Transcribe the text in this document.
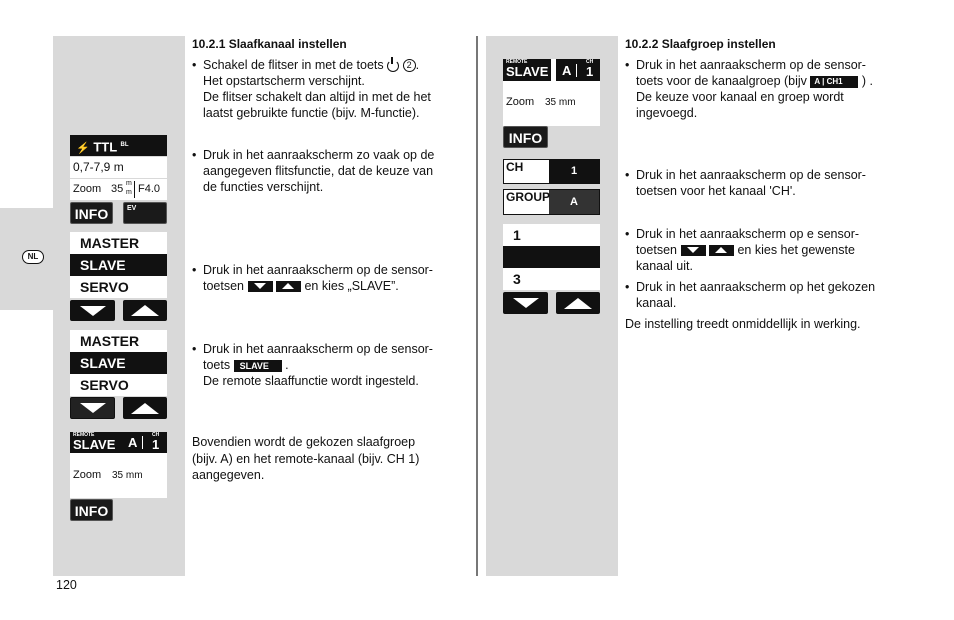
NL
⚡ TTL $^{BL}$
0,7-7,9 m
Zoom 35 m
m F4.0
INFO	EV
MASTER
SLAVE
SERVO
MASTER
SLAVE
SERVO
REMOTE
SLAVE A	CH
1
Zoom 35 mm
INFO
REMOTE
SLAVE A
CH
1
Zoom 35 mm
INFO
CH	1
GROUP	A
1
3
10.2.1 Slaafkanaal instellen
• Schakel de flitser in met de toets	2 .
Het opstartscherm verschijnt.
De flitser schakelt dan altijd in met de het
laatst gebruikte functie (bijv. M-functie).
• Druk in het aanraakscherm zo vaak op de
aangegeven flitsfunctie, dat de keuze van
de functies verschijnt.
• Druk in het aanraakscherm op de sensor-
toetsen
	en kies „SLAVE”.
• Druk in het aanraakscherm op de sensor-
toets SLAVE .
De remote slaaffunctie wordt ingesteld.
Bovendien wordt de gekozen slaafgroep
(bijv. A) en het remote-kanaal (bijv. CH 1)
aangegeven.
10.2.2 Slaafgroep instellen
• Druk in het aanraakscherm op de sensor-
toets voor de kanaalgroep (bijv A | CH1 ) .
De keuze voor kanaal en groep wordt
ingevoegd.
• Druk in het aanraakscherm op de sensor-
toetsen voor het kanaal 'CH'.
• Druk in het aanraakscherm op e sensor-
toetsen
	en kies het gewenste
kanaal uit.
• Druk in het aanraakscherm op het gekozen
kanaal.
De instelling treedt onmiddellijk in werking.
120
